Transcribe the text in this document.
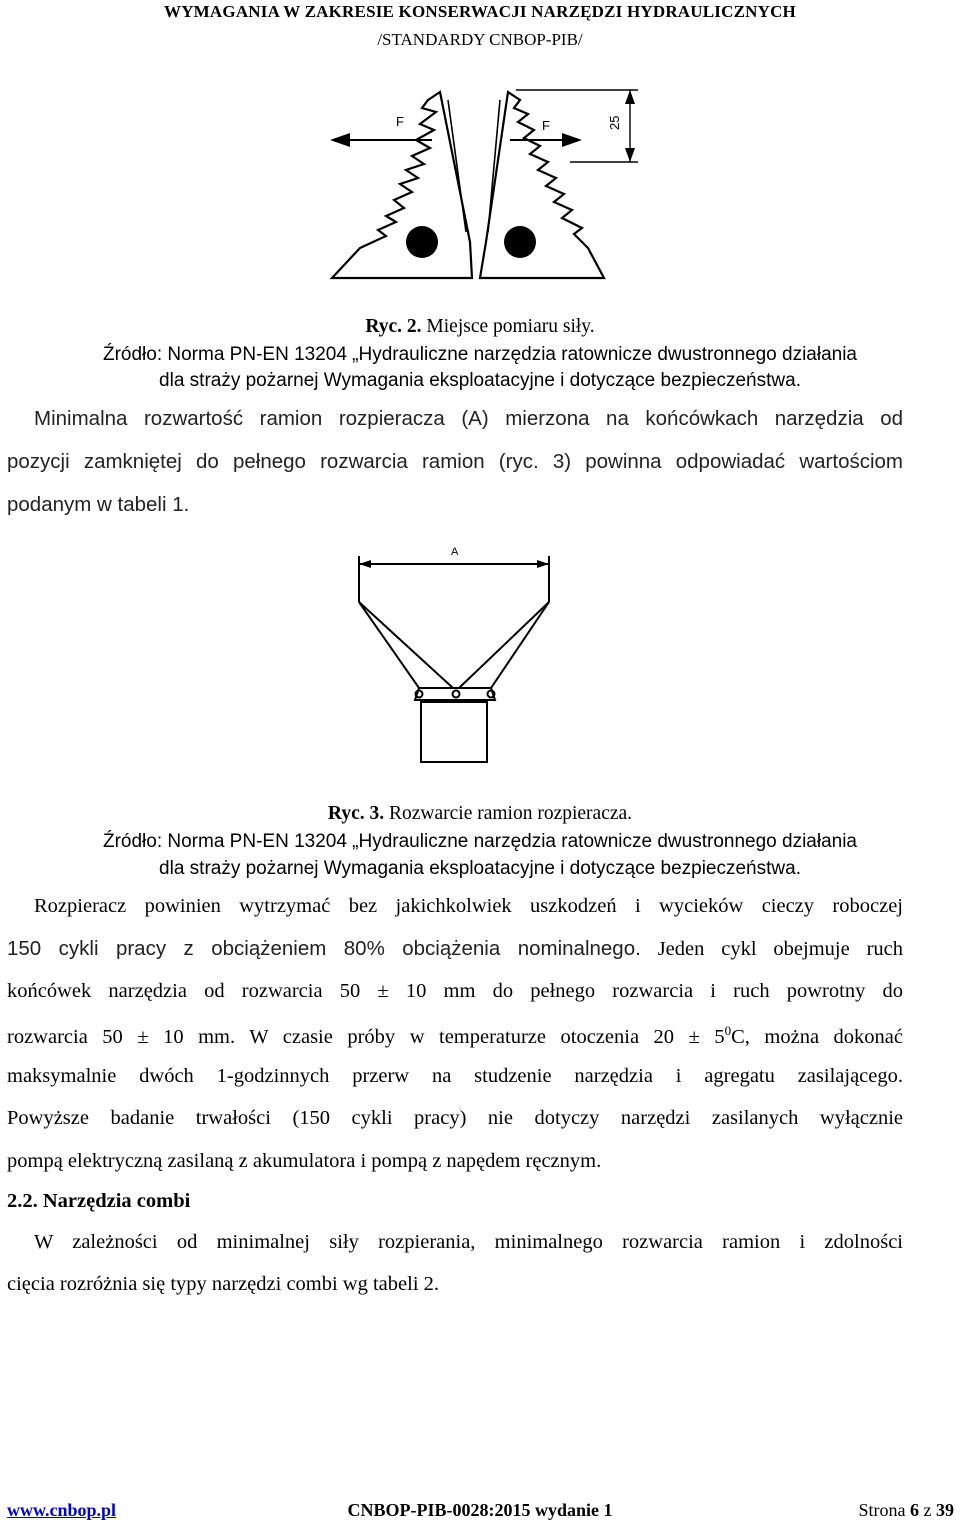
WYMAGANIA W ZAKRESIE KONSERWACJI NARZĘDZI HYDRAULICZNYCH
/STANDARDY CNBOP-PIB/
F	F	25
Ryc. 2. Miejsce pomiaru siły.
Źródło: Norma PN-EN 13204 „Hydrauliczne narzędzia ratownicze dwustronnego działania
dla straży pożarnej Wymagania eksploatacyjne i dotyczące bezpieczeństwa.
Minimalna rozwartość ramion rozpieracza (A) mierzona na końcówkach narzędzia od
pozycji zamkniętej do pełnego rozwarcia ramion (ryc. 3) powinna odpowiadać wartościom
podanym w tabeli 1.
A
Ryc. 3. Rozwarcie ramion rozpieracza.
Źródło: Norma PN-EN 13204 „Hydrauliczne narzędzia ratownicze dwustronnego działania
dla straży pożarnej Wymagania eksploatacyjne i dotyczące bezpieczeństwa.
Rozpieracz powinien wytrzymać bez jakichkolwiek uszkodzeń i wycieków cieczy roboczej
150 cykli pracy z obciążeniem 80% obciążenia nominalnego. Jeden cykl obejmuje ruch
końcówek narzędzia od rozwarcia 50 ± 10 mm do pełnego rozwarcia i ruch powrotny do
rozwarcia 50 ± 10 mm. W czasie próby w temperaturze otoczenia $20 \pm 5^0C$, można dokonać
maksymalnie dwóch 1-godzinnych przerw na studzenie narzędzia i agregatu zasilającego.
Powyższe badanie trwałości (150 cykli pracy) nie dotyczy narzędzi zasilanych wyłącznie
pompą elektryczną zasilaną z akumulatora i pompą z napędem ręcznym.
2.2. Narzędzia combi
W zależności od minimalnej siły rozpierania, minimalnego rozwarcia ramion i zdolności
cięcia rozróżnia się typy narzędzi combi wg tabeli 2.
www.cnbop.pl	CNBOP-PIB-0028:2015 wydanie 1	Strona 6 z 39
